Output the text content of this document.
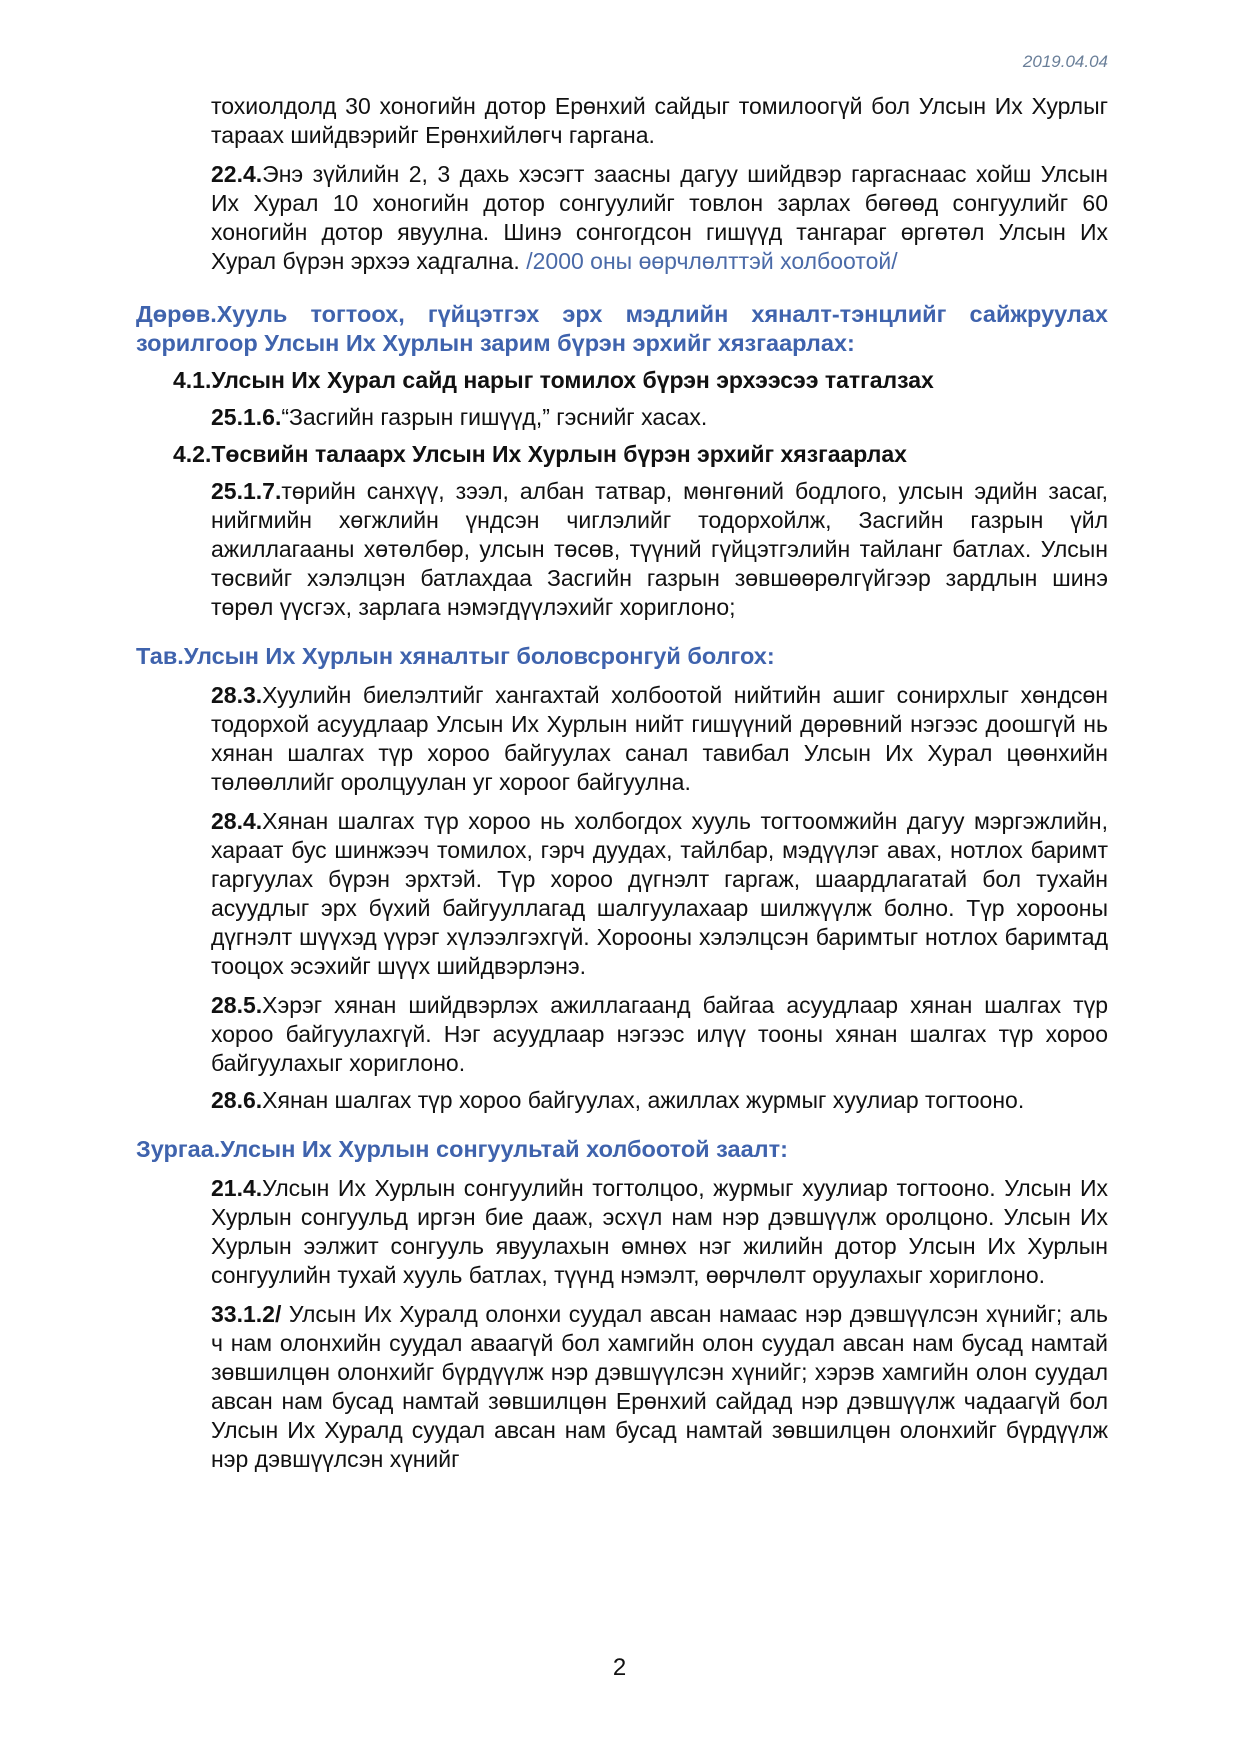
2019.04.04

тохиолдолд 30 хоногийн дотор Ерөнхий сайдыг томилоогүй бол Улсын Их Хурлыг тараах шийдвэрийг Ерөнхийлөгч гаргана.

22.4.Энэ зүйлийн 2, 3 дахь хэсэгт заасны дагуу шийдвэр гаргаснаас хойш Улсын Их Хурал 10 хоногийн дотор сонгуулийг товлон зарлах бөгөөд сонгуулийг 60 хоногийн дотор явуулна. Шинэ сонгогдсон гишүүд тангараг өргөтөл Улсын Их Хурал бүрэн эрхээ хадгална. /2000 оны өөрчлөлттэй холбоотой/

Дөрөв.Хууль тогтоох, гүйцэтгэх эрх мэдлийн хяналт-тэнцлийг сайжруулах зорилгоор Улсын Их Хурлын зарим бүрэн эрхийг хязгаарлах:
4.1.Улсын Их Хурал сайд нарыг томилох бүрэн эрхээсээ татгалзах

25.1.6.“Засгийн газрын гишүүд,” гэснийг хасах.

4.2.Төсвийн талаарх Улсын Их Хурлын бүрэн эрхийг хязгаарлах

25.1.7.төрийн санхүү, зээл, албан татвар, мөнгөний бодлого, улсын эдийн засаг, нийгмийн хөгжлийн үндсэн чиглэлийг тодорхойлж, Засгийн газрын үйл ажиллагааны хөтөлбөр, улсын төсөв, түүний гүйцэтгэлийн тайланг батлах. Улсын төсвийг хэлэлцэн батлахдаа Засгийн газрын зөвшөөрөлгүйгээр зардлын шинэ төрөл үүсгэх, зарлага нэмэгдүүлэхийг хориглоно;

Тав.Улсын Их Хурлын хяналтыг боловсронгуй болгох:

28.3.Хуулийн биелэлтийг хангахтай холбоотой нийтийн ашиг сонирхлыг хөндсөн тодорхой асуудлаар Улсын Их Хурлын нийт гишүүний дөрөвний нэгээс доошгүй нь хянан шалгах түр хороо байгуулах санал тавибал Улсын Их Хурал цөөнхийн төлөөллийг оролцуулан уг хороог байгуулна.

28.4.Хянан шалгах түр хороо нь холбогдох хууль тогтоомжийн дагуу мэргэжлийн, хараат бус шинжээч томилох, гэрч дуудах, тайлбар, мэдүүлэг авах, нотлох баримт гаргуулах бүрэн эрхтэй. Түр хороо дүгнэлт гаргаж, шаардлагатай бол тухайн асуудлыг эрх бүхий байгууллагад шалгуулахаар шилжүүлж болно. Түр хорооны дүгнэлт шүүхэд үүрэг хүлээлгэхгүй. Хорооны хэлэлцсэн баримтыг нотлох баримтад тооцох эсэхийг шүүх шийдвэрлэнэ.

28.5.Хэрэг хянан шийдвэрлэх ажиллагаанд байгаа асуудлаар хянан шалгах түр хороо байгуулахгүй. Нэг асуудлаар нэгээс илүү тооны хянан шалгах түр хороо байгуулахыг хориглоно.

28.6.Хянан шалгах түр хороо байгуулах, ажиллах журмыг хуулиар тогтооно.

Зургаа.Улсын Их Хурлын сонгуультай холбоотой заалт:

21.4.Улсын Их Хурлын сонгуулийн тогтолцоо, журмыг хуулиар тогтооно. Улсын Их Хурлын сонгуульд иргэн бие дааж, эсхүл нам нэр дэвшүүлж оролцоно. Улсын Их Хурлын ээлжит сонгууль явуулахын өмнөх нэг жилийн дотор Улсын Их Хурлын сонгуулийн тухай хууль батлах, түүнд нэмэлт, өөрчлөлт оруулахыг хориглоно.

33.1.2/ Улсын Их Хуралд олонхи суудал авсан намаас нэр дэвшүүлсэн хүнийг; аль ч нам олонхийн суудал аваагүй бол хамгийн олон суудал авсан нам бусад намтай зөвшилцөн олонхийг бүрдүүлж нэр дэвшүүлсэн хүнийг; хэрэв хамгийн олон суудал авсан нам бусад намтай зөвшилцөн Ерөнхий сайдад нэр дэвшүүлж чадаагүй бол Улсын Их Хуралд суудал авсан нам бусад намтай зөвшилцөн олонхийг бүрдүүлж нэр дэвшүүлсэн хүнийг

2
